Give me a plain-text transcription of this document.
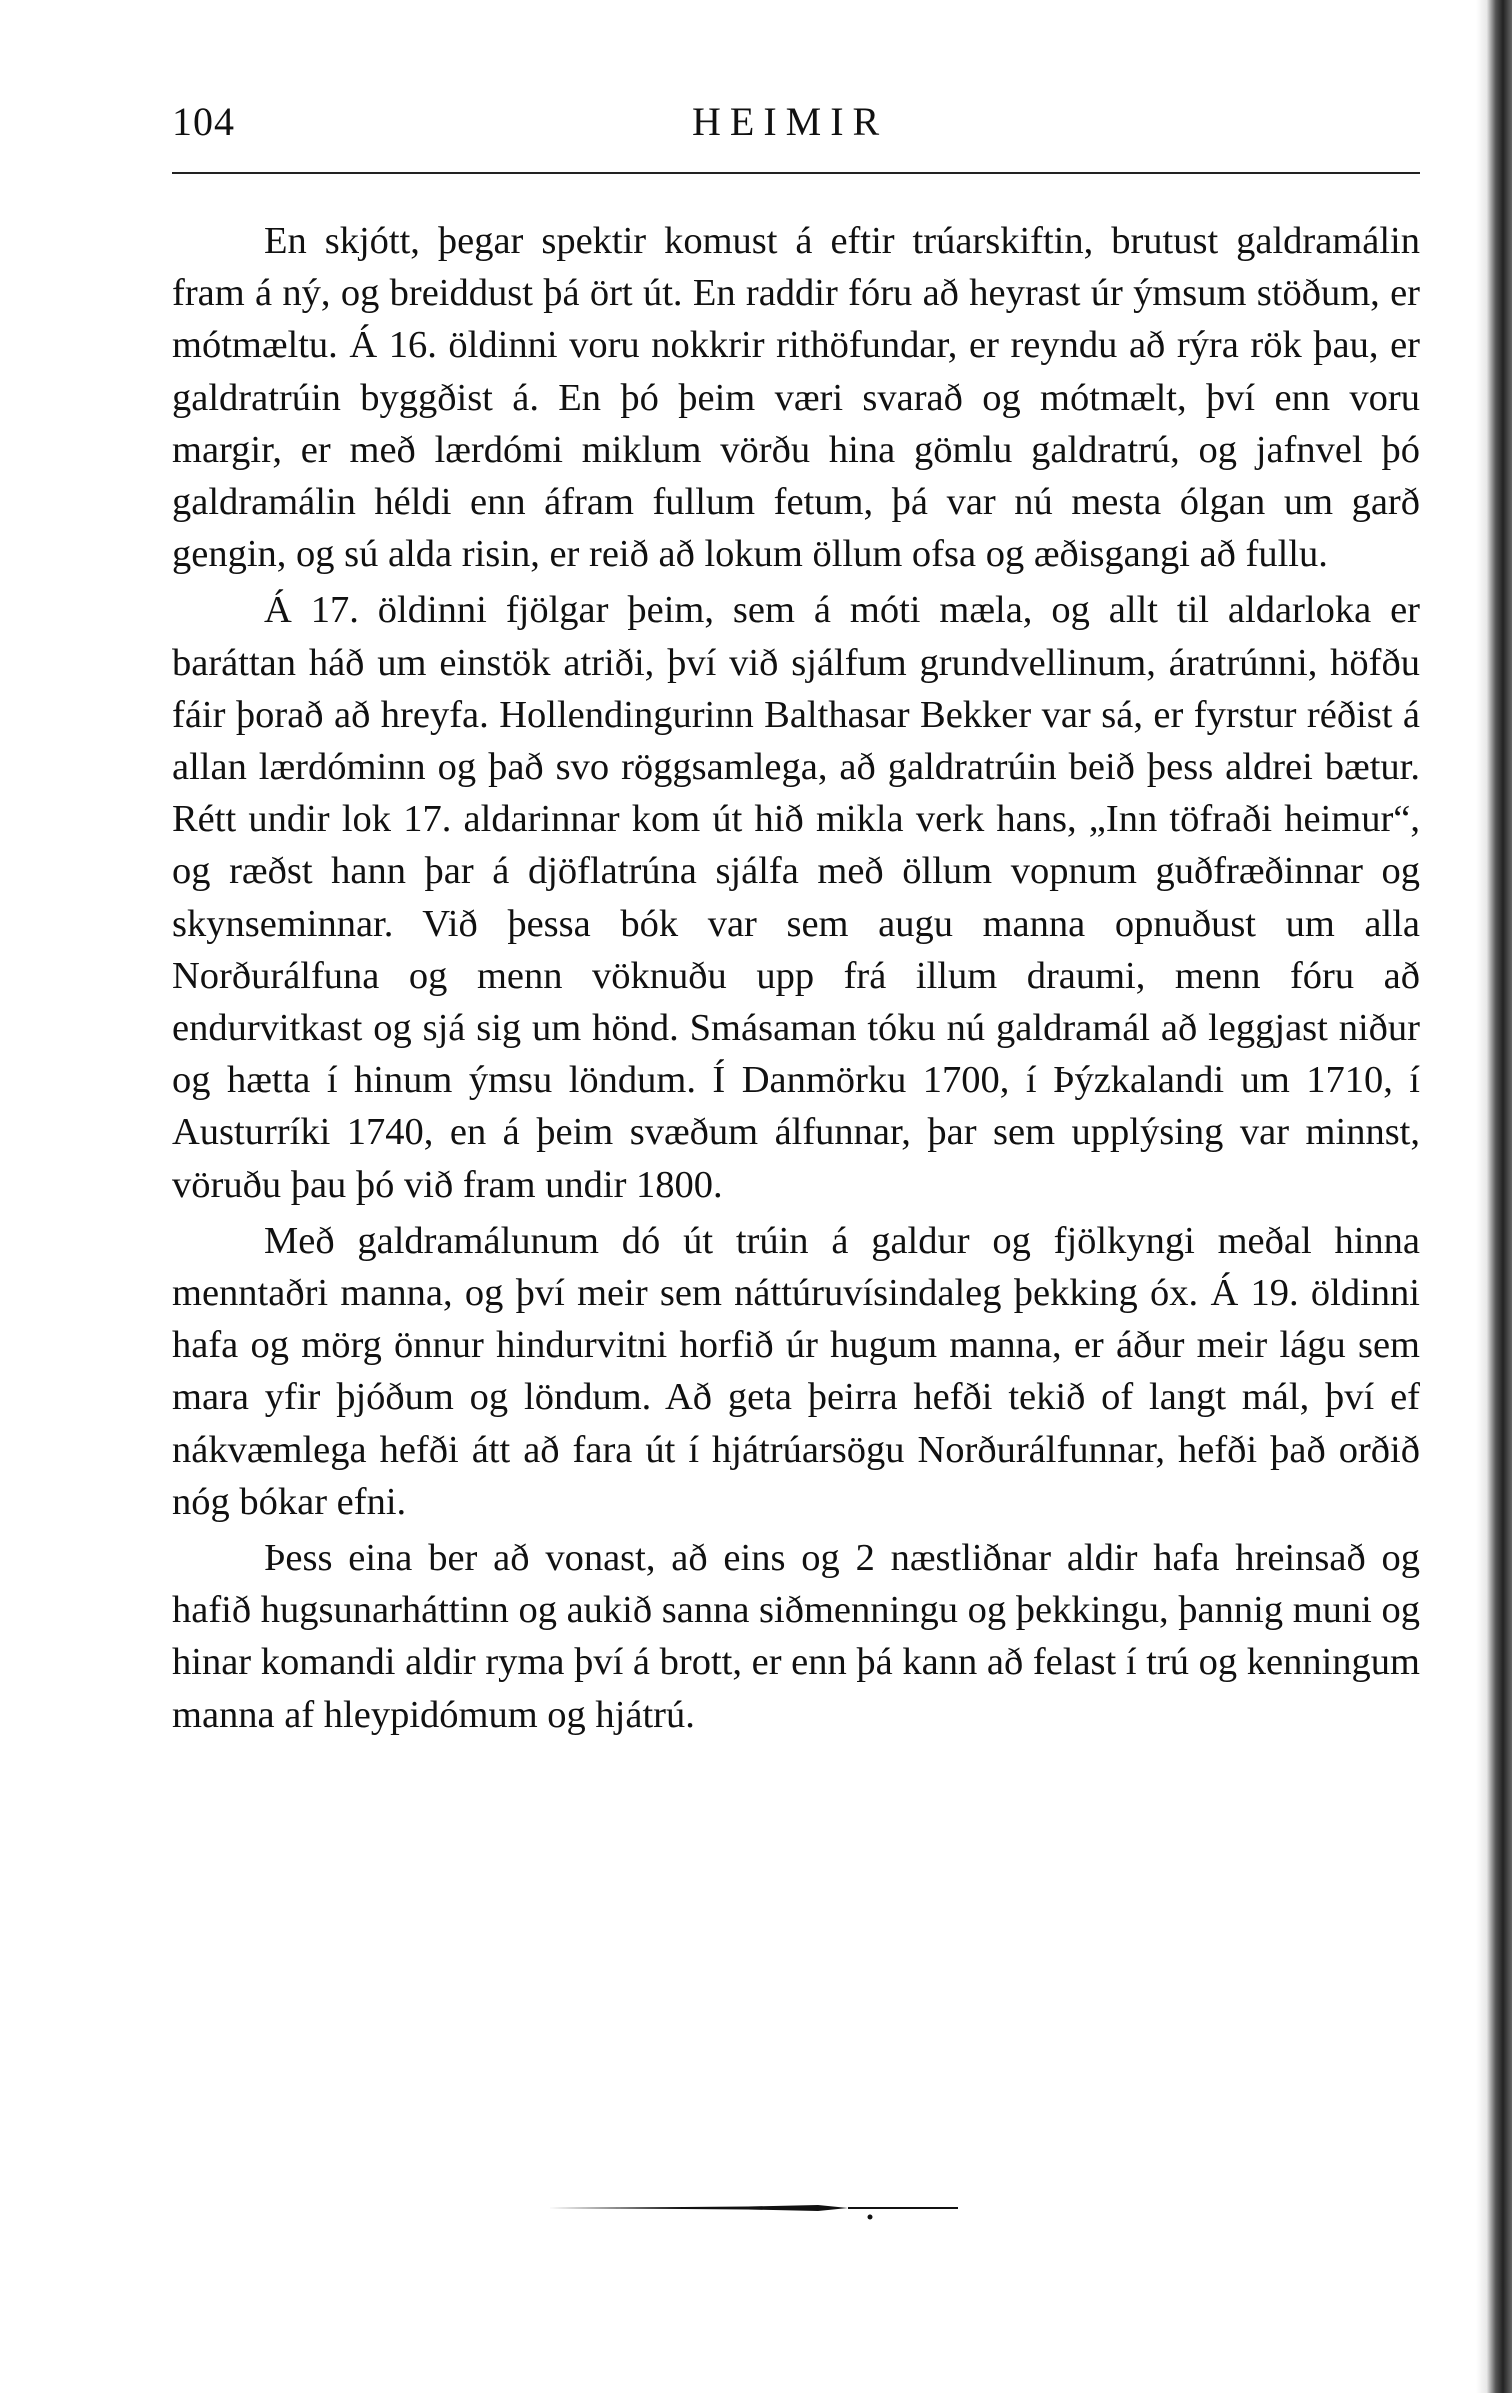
104	HEIMIR

En skjótt, þegar spektir komust á eftir trúarskiftin, brutust galdramálin fram á ný, og breiddust þá ört út. En raddir fóru að heyrast úr ýmsum stöðum, er mótmæltu. Á 16. öldinni voru nokkrir rithöfundar, er reyndu að rýra rök þau, er galdratrúin byggðist á. En þó þeim væri svarað og mótmælt, því enn voru margir, er með lærdómi miklum vörðu hina gömlu galdratrú, og jafnvel þó galdramálin héldi enn áfram fullum fetum, þá var nú mesta ólgan um garð gengin, og sú alda risin, er reið að lokum öllum ofsa og æðisgangi að fullu.

Á 17. öldinni fjölgar þeim, sem á móti mæla, og allt til aldarloka er baráttan háð um einstök atriði, því við sjálfum grundvellinum, áratrúnni, höfðu fáir þorað að hreyfa. Hollendingurinn Balthasar Bekker var sá, er fyrstur réðist á allan lærdóminn og það svo röggsamlega, að galdratrúin beið þess aldrei bætur. Rétt undir lok 17. aldarinnar kom út hið mikla verk hans, „Inn töfraði heimur“, og ræðst hann þar á djöflatrúna sjálfa með öllum vopnum guðfræðinnar og skynseminnar. Við þessa bók var sem augu manna opnuðust um alla Norðurálfuna og menn vöknuðu upp frá illum draumi, menn fóru að endurvitkast og sjá sig um hönd. Smásaman tóku nú galdramál að leggjast niður og hætta í hinum ýmsu löndum. Í Danmörku 1700, í Þýzkalandi um 1710, í Austurríki 1740, en á þeim svæðum álfunnar, þar sem upplýsing var minnst, vöruðu þau þó við fram undir 1800.

Með galdramálunum dó út trúin á galdur og fjölkyngi meðal hinna menntaðri manna, og því meir sem náttúruvísindaleg þekking óx. Á 19. öldinni hafa og mörg önnur hindurvitni horfið úr hugum manna, er áður meir lágu sem mara yfir þjóðum og löndum. Að geta þeirra hefði tekið of langt mál, því ef nákvæmlega hefði átt að fara út í hjátrúarsögu Norðurálfunnar, hefði það orðið nóg bókar efni.

Þess eina ber að vonast, að eins og 2 næstliðnar aldir hafa hreinsað og hafið hugsunarháttinn og aukið sanna siðmenningu og þekkingu, þannig muni og hinar komandi aldir ryma því á brott, er enn þá kann að felast í trú og kenningum manna af hleypidómum og hjátrú.
